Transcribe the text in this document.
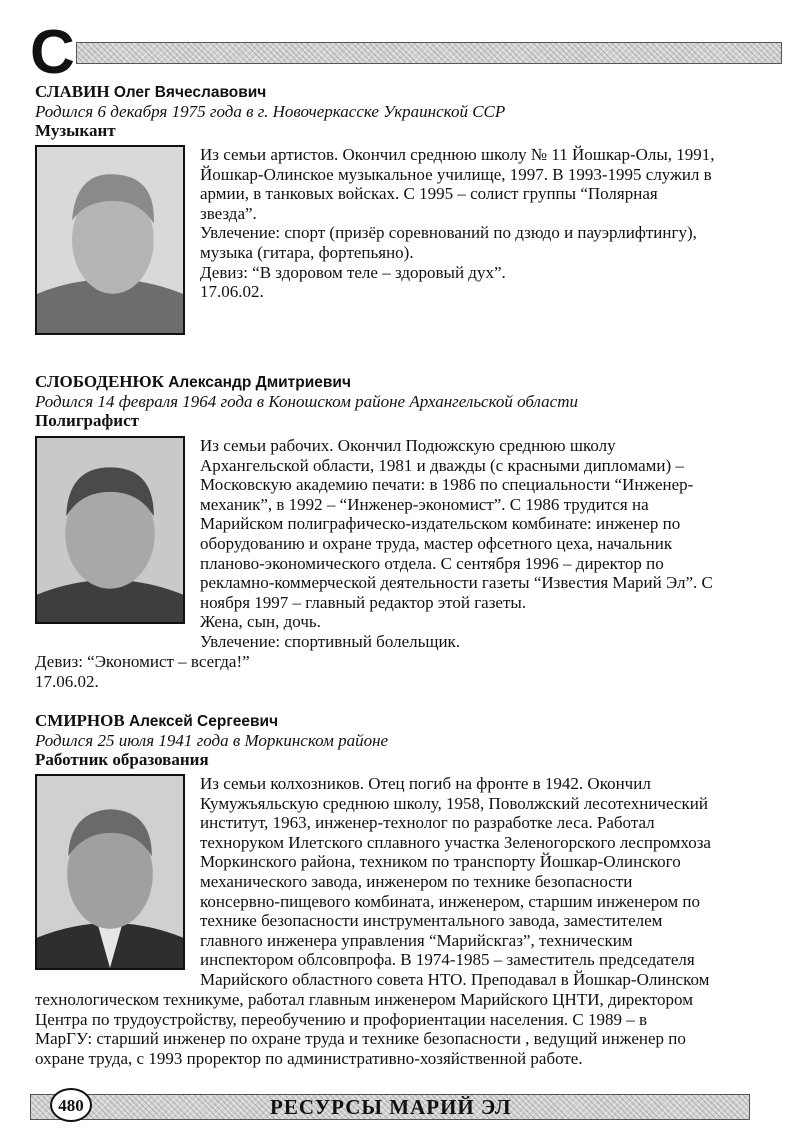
С

СЛАВИН Олег Вячеславович

Родился 6 декабря 1975 года в г. Новочеркасске Украинской ССР

Музыкант

Из семьи артистов. Окончил среднюю школу № 11 Йошкар-Олы, 1991,

Йошкар-Олинское музыкальное училище, 1997. В 1993-1995 служил в

армии, в танковых войсках. С 1995 – солист группы “Полярная

звезда”.

Увлечение: спорт (призёр соревнований по дзюдо и пауэрлифтингу),

музыка (гитара, фортепьяно).

Девиз: “В здоровом теле – здоровый дух”.

17.06.02.

СЛОБОДЕНЮК Александр Дмитриевич

Родился 14 февраля 1964 года в Коношском районе Архангельской области

Полиграфист

Из семьи рабочих. Окончил Подюжскую среднюю школу

Архангельской области, 1981 и дважды (с красными дипломами) –

Московскую академию печати: в 1986 по специальности “Инженер-

механик”, в 1992 – “Инженер-экономист”. С 1986 трудится на

Марийском полиграфическо-издательском комбинате: инженер по

оборудованию и охране труда, мастер офсетного цеха, начальник

планово-экономического отдела. С сентября 1996 – директор по

рекламно-коммерческой деятельности газеты “Известия Марий Эл”. С

ноября 1997 – главный редактор этой газеты.

Жена, сын, дочь.

Увлечение: спортивный болельщик.

Девиз: “Экономист – всегда!”

17.06.02.

СМИРНОВ Алексей Сергеевич

Родился 25 июля 1941 года в Моркинском районе

Работник образования

Из семьи колхозников. Отец погиб на фронте в 1942. Окончил

Кумужъяльскую среднюю школу, 1958, Поволжский лесотехнический

институт, 1963, инженер-технолог по разработке леса. Работал

техноруком Илетского сплавного участка Зеленогорского леспромхоза

Моркинского района, техником по транспорту Йошкар-Олинского

механического завода, инженером по технике безопасности

консервно-пищевого комбината, инженером, старшим инженером по

технике безопасности инструментального завода, заместителем

главного инженера управления “Марийскгаз”, техническим

инспектором облсовпрофа. В 1974-1985 – заместитель председателя

Марийского областного совета НТО. Преподавал в Йошкар-Олинском

технологическом техникуме, работал главным инженером Марийского ЦНТИ, директором

Центра по трудоустройству, переобучению и профориентации населения. С 1989 – в

МарГУ: старший инженер по охране труда и технике безопасности , ведущий инженер по

охране труда, с 1993 проректор по административно-хозяйственной работе.

480	РЕСУРСЫ МАРИЙ ЭЛ
